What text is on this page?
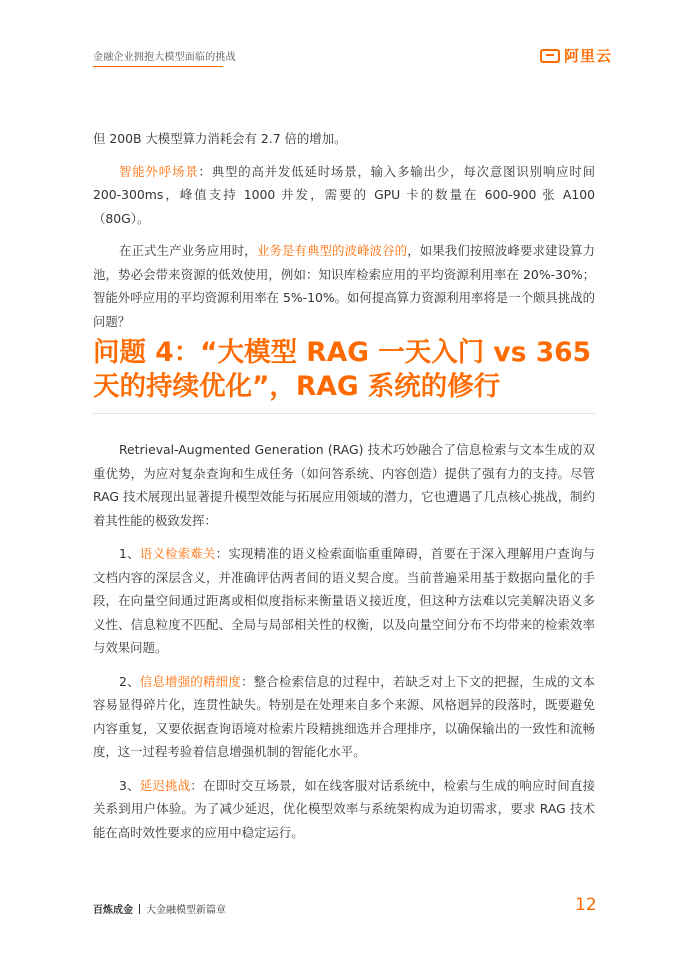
金融企业拥抱大模型面临的挑战	阿里云

但 200B 大模型算力消耗会有 2.7 倍的增加。

智能外呼场景：典型的高并发低延时场景，输入多输出少，每次意图识别响应时间 200-300ms，峰值支持 1000 并发，需要的 GPU 卡的数量在 600-900 张 A100（80G）。

在正式生产业务应用时，业务是有典型的波峰波谷的，如果我们按照波峰要求建设算力池，势必会带来资源的低效使用，例如：知识库检索应用的平均资源利用率在 20%-30%；智能外呼应用的平均资源利用率在 5%-10%。如何提高算力资源利用率将是一个颇具挑战的问题？

问题 4：“大模型 RAG 一天入门 vs 365 天的持续优化”，RAG 系统的修行

Retrieval-Augmented Generation (RAG) 技术巧妙融合了信息检索与文本生成的双重优势，为应对复杂查询和生成任务（如问答系统、内容创造）提供了强有力的支持。尽管 RAG 技术展现出显著提升模型效能与拓展应用领域的潜力，它也遭遇了几点核心挑战，制约着其性能的极致发挥：

1、语义检索难关：实现精准的语义检索面临重重障碍，首要在于深入理解用户查询与文档内容的深层含义，并准确评估两者间的语义契合度。当前普遍采用基于数据向量化的手段，在向量空间通过距离或相似度指标来衡量语义接近度，但这种方法难以完美解决语义多义性、信息粒度不匹配、全局与局部相关性的权衡，以及向量空间分布不均带来的检索效率与效果问题。

2、信息增强的精细度：整合检索信息的过程中，若缺乏对上下文的把握，生成的文本容易显得碎片化，连贯性缺失。特别是在处理来自多个来源、风格迥异的段落时，既要避免内容重复，又要依据查询语境对检索片段精挑细选并合理排序，以确保输出的一致性和流畅度，这一过程考验着信息增强机制的智能化水平。

3、延迟挑战：在即时交互场景，如在线客服对话系统中，检索与生成的响应时间直接关系到用户体验。为了减少延迟，优化模型效率与系统架构成为迫切需求，要求 RAG 技术能在高时效性要求的应用中稳定运行。

百炼成金 大金融模型新篇章	12
